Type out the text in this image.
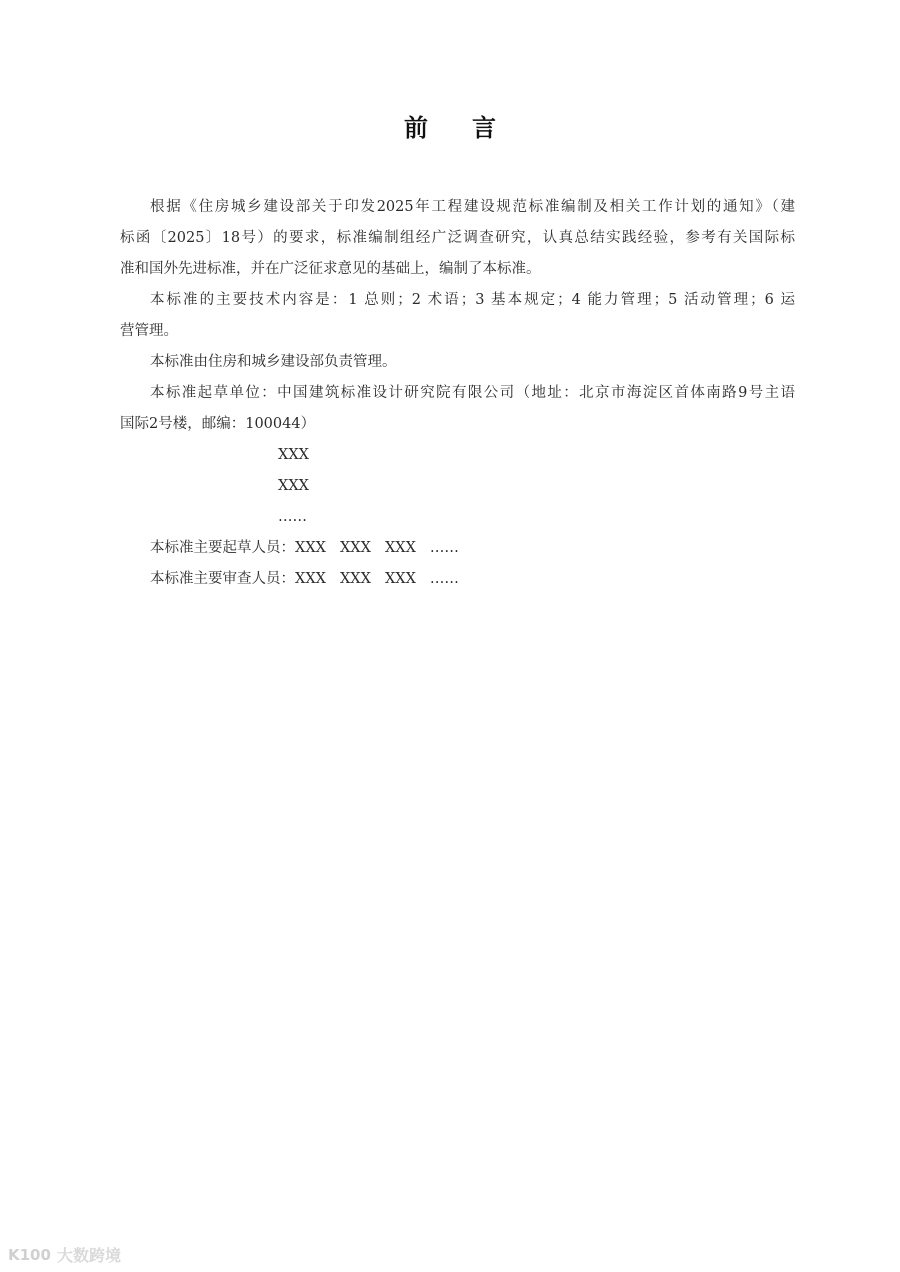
前言
根据《住房城乡建设部关于印发2025年工程建设规范标准编制及相关工作计划的通知》（建
标函〔2025〕18号）的要求，标准编制组经广泛调查研究，认真总结实践经验，参考有关国际标
准和国外先进标准，并在广泛征求意见的基础上，编制了本标准。
本标准的主要技术内容是：1 总则；2 术语；3 基本规定；4 能力管理；5 活动管理；6 运
营管理。
本标准由住房和城乡建设部负责管理。
本标准起草单位：中国建筑标准设计研究院有限公司（地址：北京市海淀区首体南路9号主语
国际2号楼，邮编：100044）
XXX
XXX
……
本标准主要起草人员：XXX XXX XXX ……
本标准主要审查人员：XXX XXX XXX ……
K100 大数跨境
